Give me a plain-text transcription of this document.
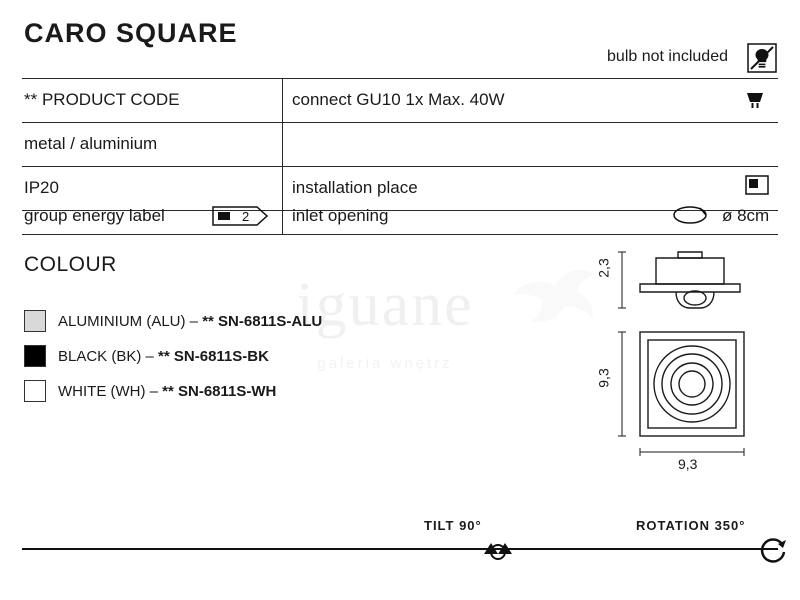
iguane
galeria wnętrz
CARO SQUARE
bulb not included
** PRODUCT CODE	connect GU10 1x Max. 40W
metal / aluminium
IP20	installation place
group energy label	2	inlet opening	ø 8cm
COLOUR
ALUMINIUM (ALU) – ** SN-6811S-ALU
BLACK (BK) – ** SN-6811S-BK
WHITE (WH) – ** SN-6811S-WH
2,3
9,3
9,3
TILT 90°	ROTATION 350°
